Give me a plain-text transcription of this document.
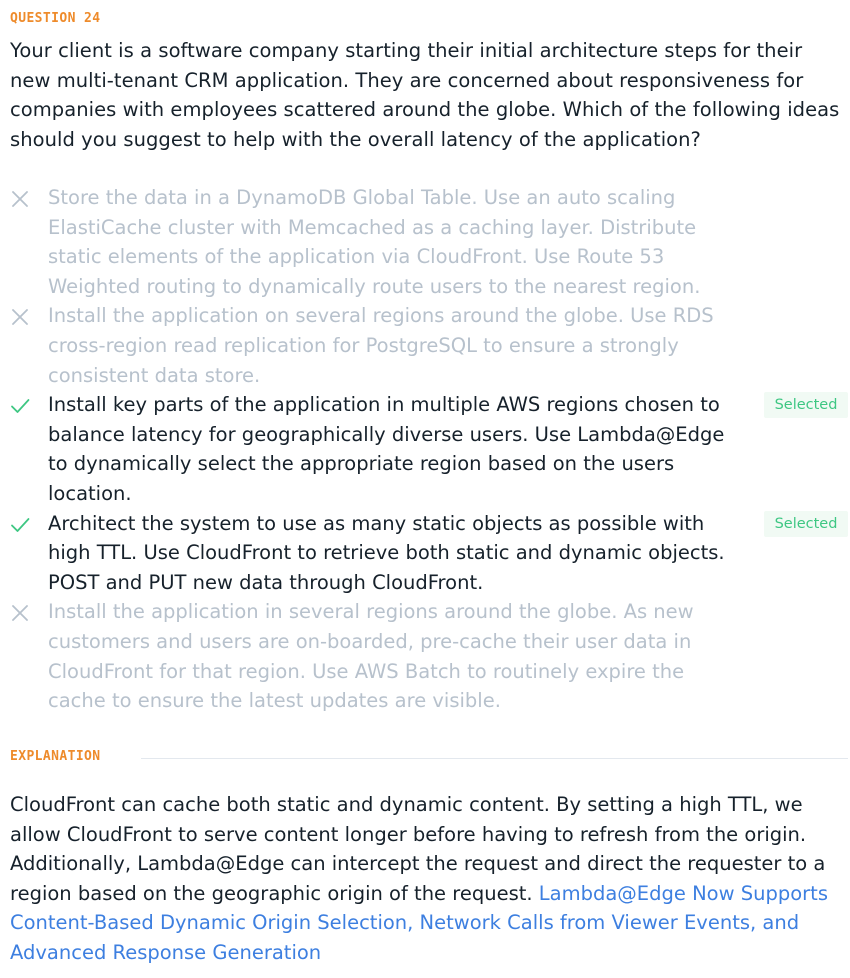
QUESTION 24
Your client is a software company starting their initial architecture steps for their new multi-tenant CRM application. They are concerned about responsiveness for companies with employees scattered around the globe. Which of the following ideas should you suggest to help with the overall latency of the application?
Store the data in a DynamoDB Global Table. Use an auto scaling ElastiCache cluster with Memcached as a caching layer. Distribute static elements of the application via CloudFront. Use Route 53 Weighted routing to dynamically route users to the nearest region.
Install the application on several regions around the globe. Use RDS cross-region read replication for PostgreSQL to ensure a strongly consistent data store.
Install key parts of the application in multiple AWS regions chosen to balance latency for geographically diverse users. Use Lambda@Edge to dynamically select the appropriate region based on the users location.
Selected
Architect the system to use as many static objects as possible with high TTL. Use CloudFront to retrieve both static and dynamic objects. POST and PUT new data through CloudFront.
Selected
Install the application in several regions around the globe. As new customers and users are on-boarded, pre-cache their user data in CloudFront for that region. Use AWS Batch to routinely expire the cache to ensure the latest updates are visible.
EXPLANATION
CloudFront can cache both static and dynamic content. By setting a high TTL, we allow CloudFront to serve content longer before having to refresh from the origin. Additionally, Lambda@Edge can intercept the request and direct the requester to a region based on the geographic origin of the request. Lambda@Edge Now Supports Content-Based Dynamic Origin Selection, Network Calls from Viewer Events, and Advanced Response Generation
